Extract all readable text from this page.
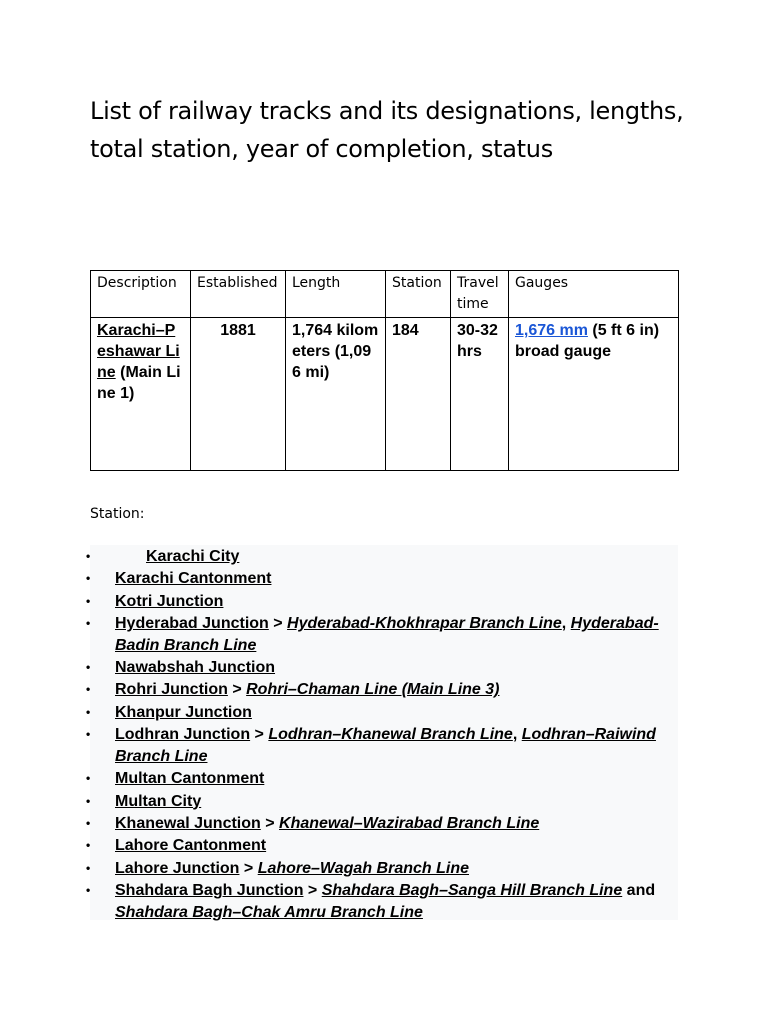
List of railway tracks and its designations, lengths, total station, year of completion, status
Description	Established	Length	Station	Travel time	Gauges
Karachi–Peshawar Line (Main Line 1)	1881	1,764 kilometers (1,096 mi)	184	30-32 hrs	1,676 mm (5 ft 6 in)
broad gauge

Station:

• Karachi City
• Karachi Cantonment
• Kotri Junction
• Hyderabad Junction > Hyderabad-Khokhrapar Branch Line, Hyderabad-Badin Branch Line
• Nawabshah Junction
• Rohri Junction > Rohri–Chaman Line (Main Line 3)
• Khanpur Junction
• Lodhran Junction > Lodhran–Khanewal Branch Line, Lodhran–Raiwind Branch Line
• Multan Cantonment
• Multan City
• Khanewal Junction > Khanewal–Wazirabad Branch Line
• Lahore Cantonment
• Lahore Junction > Lahore–Wagah Branch Line
• Shahdara Bagh Junction > Shahdara Bagh–Sanga Hill Branch Line and Shahdara Bagh–Chak Amru Branch Line
